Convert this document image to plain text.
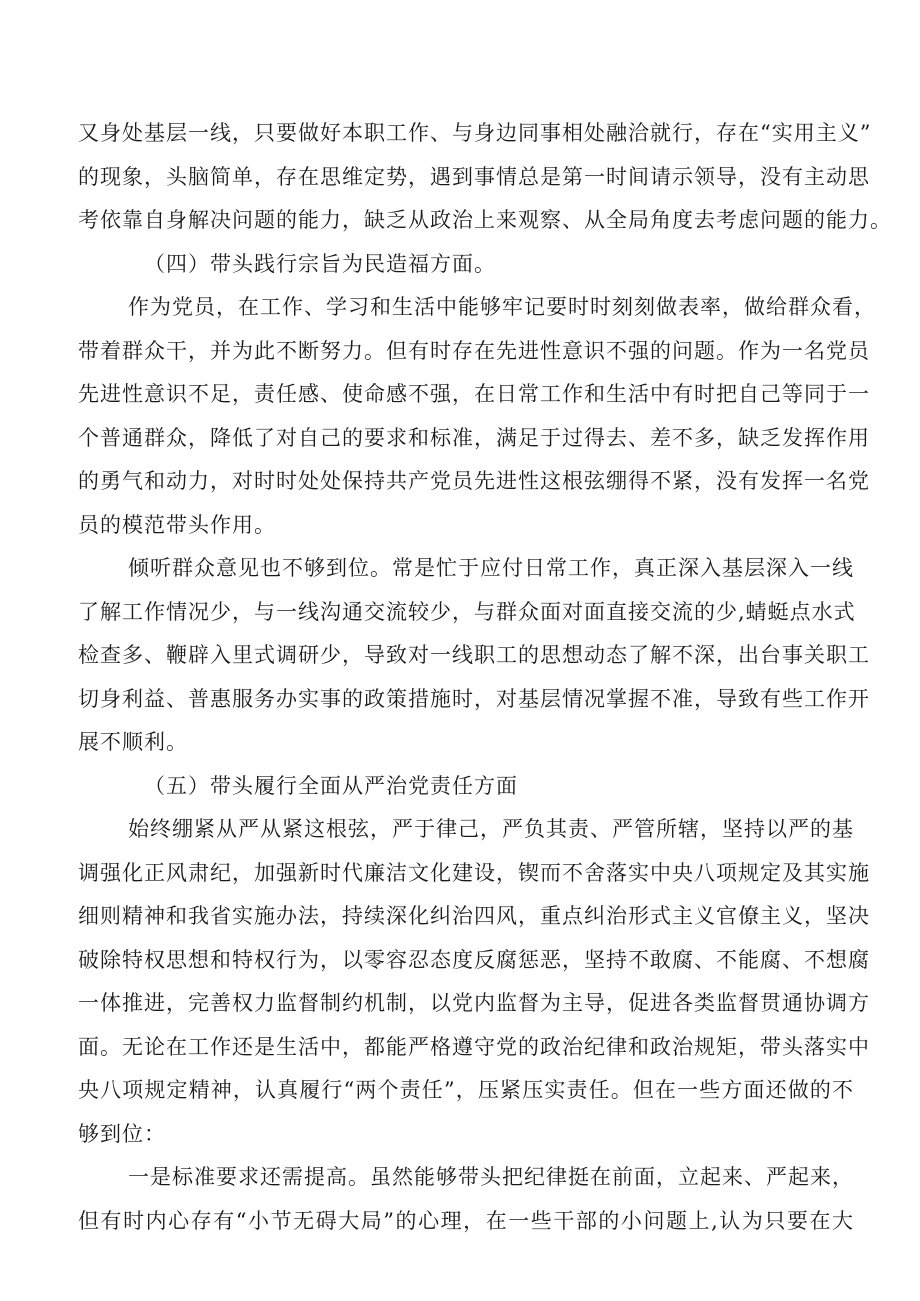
又身处基层一线，只要做好本职工作、与身边同事相处融洽就行，存在“实用主义”
的现象，头脑简单，存在思维定势，遇到事情总是第一时间请示领导，没有主动思
考依靠自身解决问题的能力，缺乏从政治上来观察、从全局角度去考虑问题的能力。
（四）带头践行宗旨为民造福方面。
作为党员，在工作、学习和生活中能够牢记要时时刻刻做表率，做给群众看，
带着群众干，并为此不断努力。但有时存在先进性意识不强的问题。作为一名党员
先进性意识不足，责任感、使命感不强，在日常工作和生活中有时把自己等同于一
个普通群众，降低了对自己的要求和标准，满足于过得去、差不多，缺乏发挥作用
的勇气和动力，对时时处处保持共产党员先进性这根弦绷得不紧，没有发挥一名党
员的模范带头作用。
倾听群众意见也不够到位。常是忙于应付日常工作，真正深入基层深入一线
了解工作情况少，与一线沟通交流较少，与群众面对面直接交流的少,蜻蜓点水式
检查多、鞭辟入里式调研少，导致对一线职工的思想动态了解不深，出台事关职工
切身利益、普惠服务办实事的政策措施时，对基层情况掌握不准，导致有些工作开
展不顺利。
（五）带头履行全面从严治党责任方面
始终绷紧从严从紧这根弦，严于律己，严负其责、严管所辖，坚持以严的基
调强化正风肃纪，加强新时代廉洁文化建设，锲而不舍落实中央八项规定及其实施
细则精神和我省实施办法，持续深化纠治四风，重点纠治形式主义官僚主义，坚决
破除特权思想和特权行为，以零容忍态度反腐惩恶，坚持不敢腐、不能腐、不想腐
一体推进，完善权力监督制约机制，以党内监督为主导，促进各类监督贯通协调方
面。无论在工作还是生活中，都能严格遵守党的政治纪律和政治规矩，带头落实中
央八项规定精神，认真履行“两个责任”，压紧压实责任。但在一些方面还做的不
够到位：
一是标准要求还需提高。虽然能够带头把纪律挺在前面，立起来、严起来，
但有时内心存有“小节无碍大局”的心理，在一些干部的小问题上,认为只要在大
